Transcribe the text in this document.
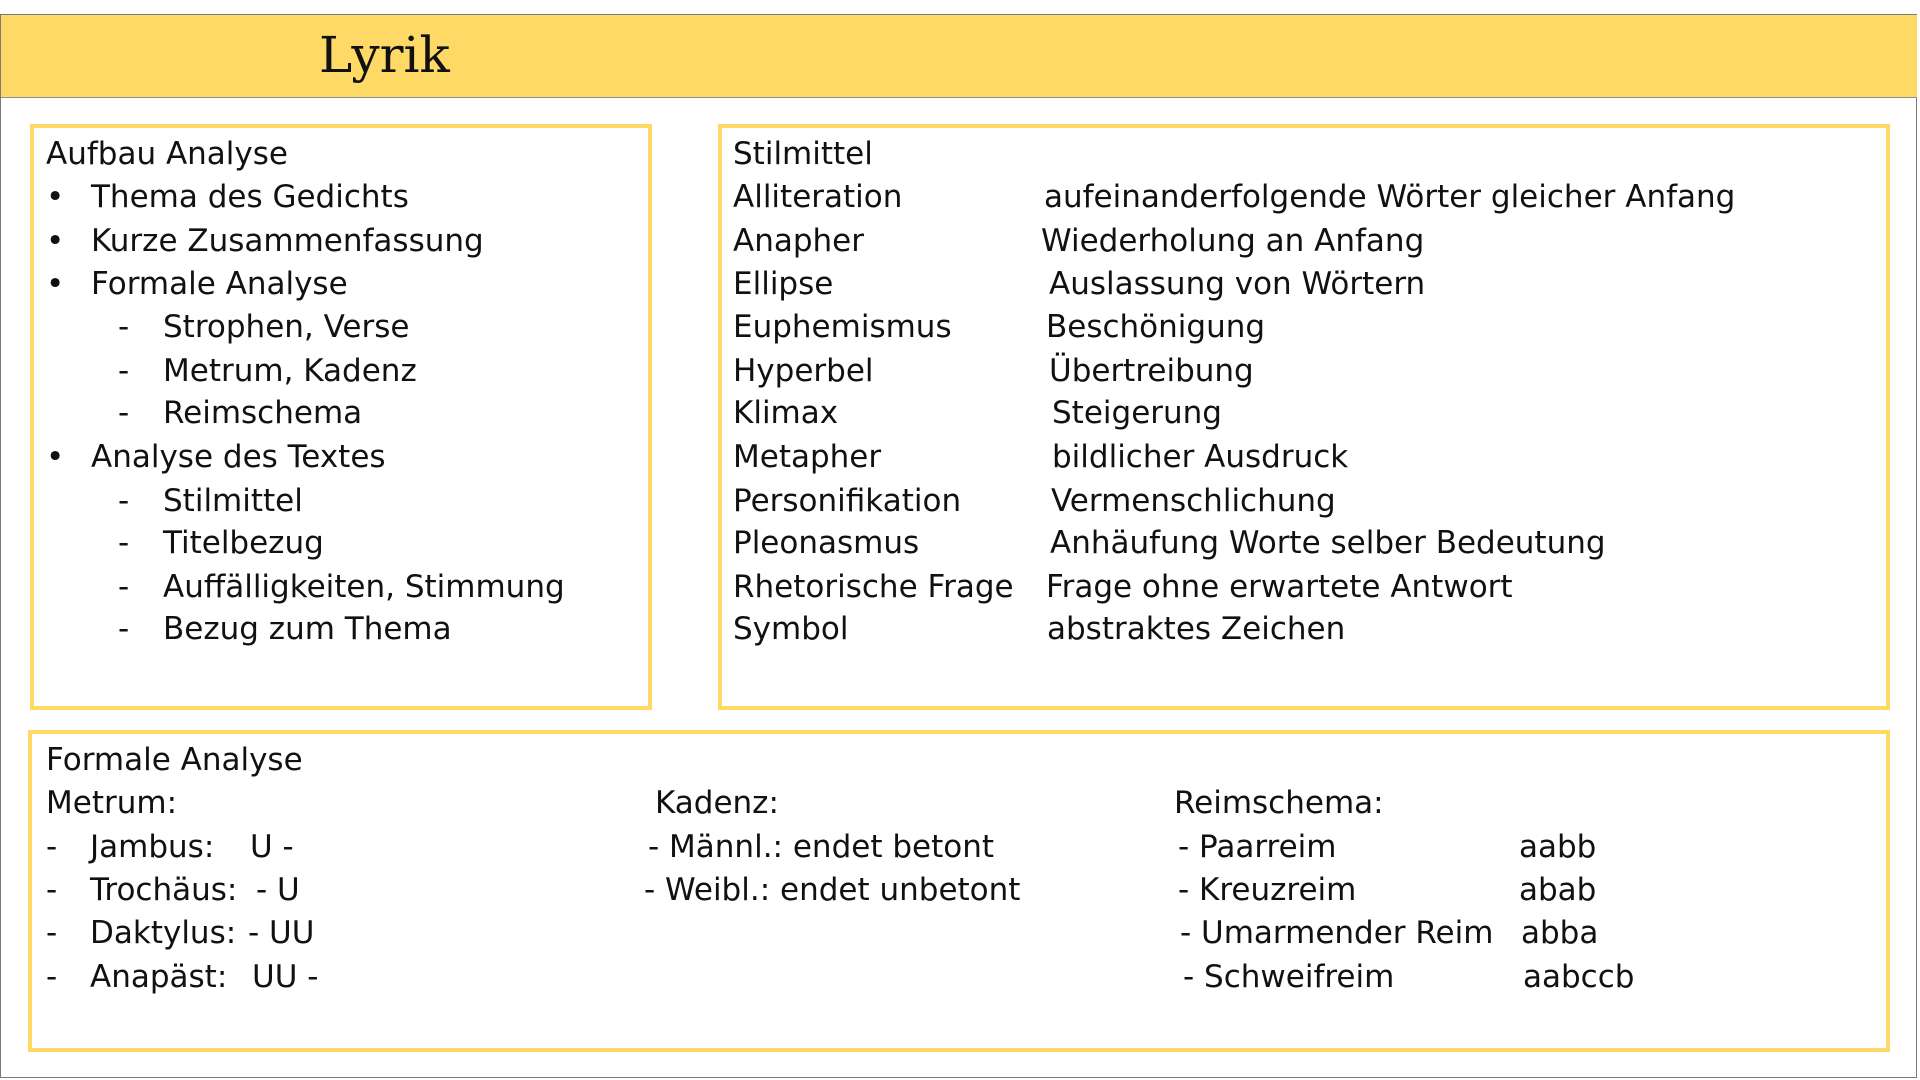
Lyrik
Aufbau Analyse
• Thema des Gedichts
• Kurze Zusammenfassung
• Formale Analyse
- Strophen, Verse
- Metrum, Kadenz
- Reimschema
• Analyse des Textes
- Stilmittel
- Titelbezug
- Auffälligkeiten, Stimmung
- Bezug zum Thema
Stilmittel
Alliteration	aufeinanderfolgende Wörter gleicher Anfang
Anapher	Wiederholung an Anfang
Ellipse	Auslassung von Wörtern
Euphemismus	Beschönigung
Hyperbel	Übertreibung
Klimax	Steigerung
Metapher	bildlicher Ausdruck
Personifikation	Vermenschlichung
Pleonasmus	Anhäufung Worte selber Bedeutung
Rhetorische Frage Frage ohne erwartete Antwort
Symbol	abstraktes Zeichen
Formale Analyse
Metrum:
- Jambus: U -
- Trochäus: - U
- Daktylus: - UU
- Anapäst: UU -
Kadenz:
- Männl.: endet betont
- Weibl.: endet unbetont
Reimschema:
- Paarreim	aabb
- Kreuzreim	abab
- Umarmender Reim abba
- Schweifreim	aabccb
